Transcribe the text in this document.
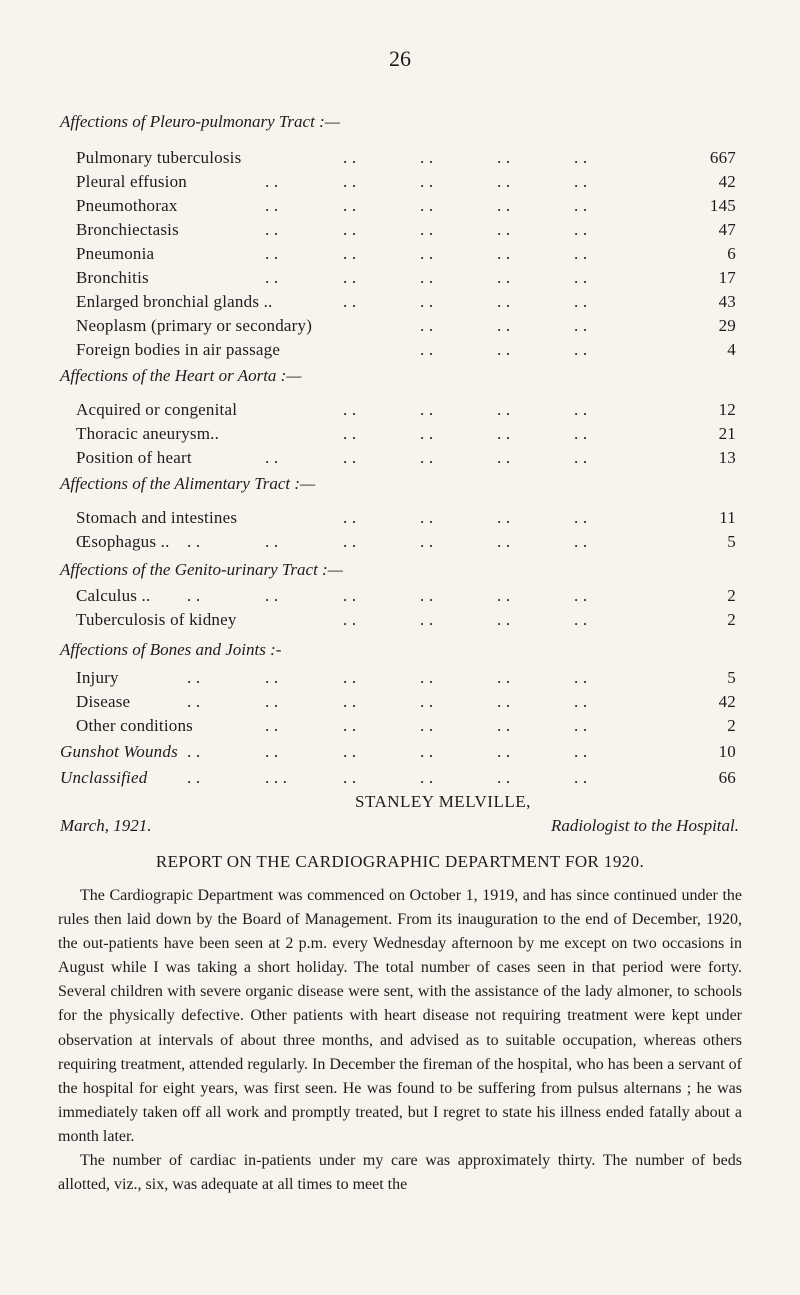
26
Affections of Pleuro-pulmonary Tract :—
Pulmonary tuberculosis	. .	. .	. .	. .	667
Pleural effusion	. .	. .	. .	. .	. .	42
Pneumothorax	. .	. .	. .	. .	. .	145
Bronchiectasis	. .	. .	. .	. .	. .	47
Pneumonia	. .	. .	. .	. .	. .	6
Bronchitis	. .	. .	. .	. .	. .	17
Enlarged bronchial glands ..	. .	. .	. .	. .	43
Neoplasm (primary or secondary)	. .	. .	. .	29
Foreign bodies in air passage	. .	. .	. .	4
Affections of the Heart or Aorta :—
Acquired or congenital	. .	. .	. .	. .	12
Thoracic aneurysm..	. .	. .	. .	. .	21
Position of heart	. .	. .	. .	. .	. .	13
Affections of the Alimentary Tract :—
Stomach and intestines	. .	. .	. .	. .	11
Œsophagus .. . .	. .	. .	. .	. .	. .	5
Affections of the Genito-urinary Tract :—
Calculus .. . .	. .	. .	. .	. .	. .	2
Tuberculosis of kidney	. .	. .	. .	. .	2
Affections of Bones and Joints :-
Injury	. .	. .	. .	. .	. .	. .	5
Disease	. .	. .	. .	. .	. .	. .	42
Other conditions	. .	. .	. .	. .	. .	2
Gunshot Wounds . .	. .	. .	. .	. .	. .	10
Unclassified . .	. . .	. .	. .	. .	. .	66
STANLEY MELVILLE,
March, 1921.	Radiologist to the Hospital.
REPORT ON THE CARDIOGRAPHIC DEPARTMENT FOR 1920.

The Cardiograpic Department was commenced on October 1, 1919, and has since continued under the rules then laid down by the Board of Management. From its inauguration to the end of December, 1920, the out-patients have been seen at 2 p.m. every Wednesday afternoon by me except on two occasions in August while I was taking a short holiday. The total number of cases seen in that period were forty. Several children with severe organic disease were sent, with the assistance of the lady almoner, to schools for the physically defective. Other patients with heart disease not requiring treatment were kept under observation at intervals of about three months, and advised as to suitable occupation, whereas others requiring treatment, attended regularly. In December the fireman of the hospital, who has been a servant of the hospital for eight years, was first seen. He was found to be suffering from pulsus alternans ; he was immediately taken off all work and promptly treated, but I regret to state his illness ended fatally about a month later.

The number of cardiac in-patients under my care was approximately thirty. The number of beds allotted, viz., six, was adequate at all times to meet the
